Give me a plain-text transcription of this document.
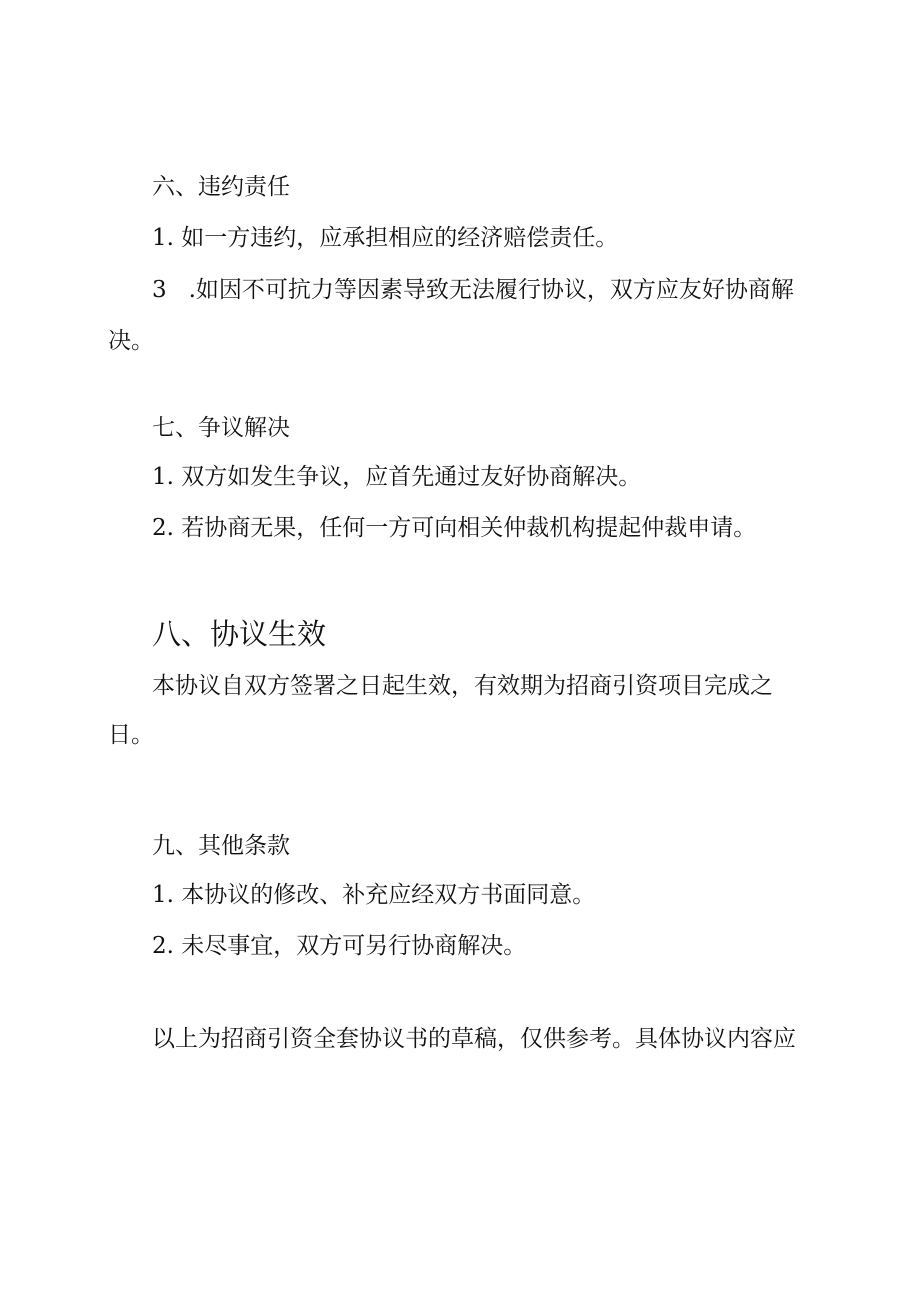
六、违约责任
1. 如一方违约，应承担相应的经济赔偿责任。
3   .如因不可抗力等因素导致无法履行协议，双方应友好协商解
决。
七、争议解决
1. 双方如发生争议，应首先通过友好协商解决。
2. 若协商无果，任何一方可向相关仲裁机构提起仲裁申请。
八、协议生效
本协议自双方签署之日起生效，有效期为招商引资项目完成之
日。
九、其他条款
1. 本协议的修改、补充应经双方书面同意。
2. 未尽事宜，双方可另行协商解决。
以上为招商引资全套协议书的草稿，仅供参考。具体协议内容应
